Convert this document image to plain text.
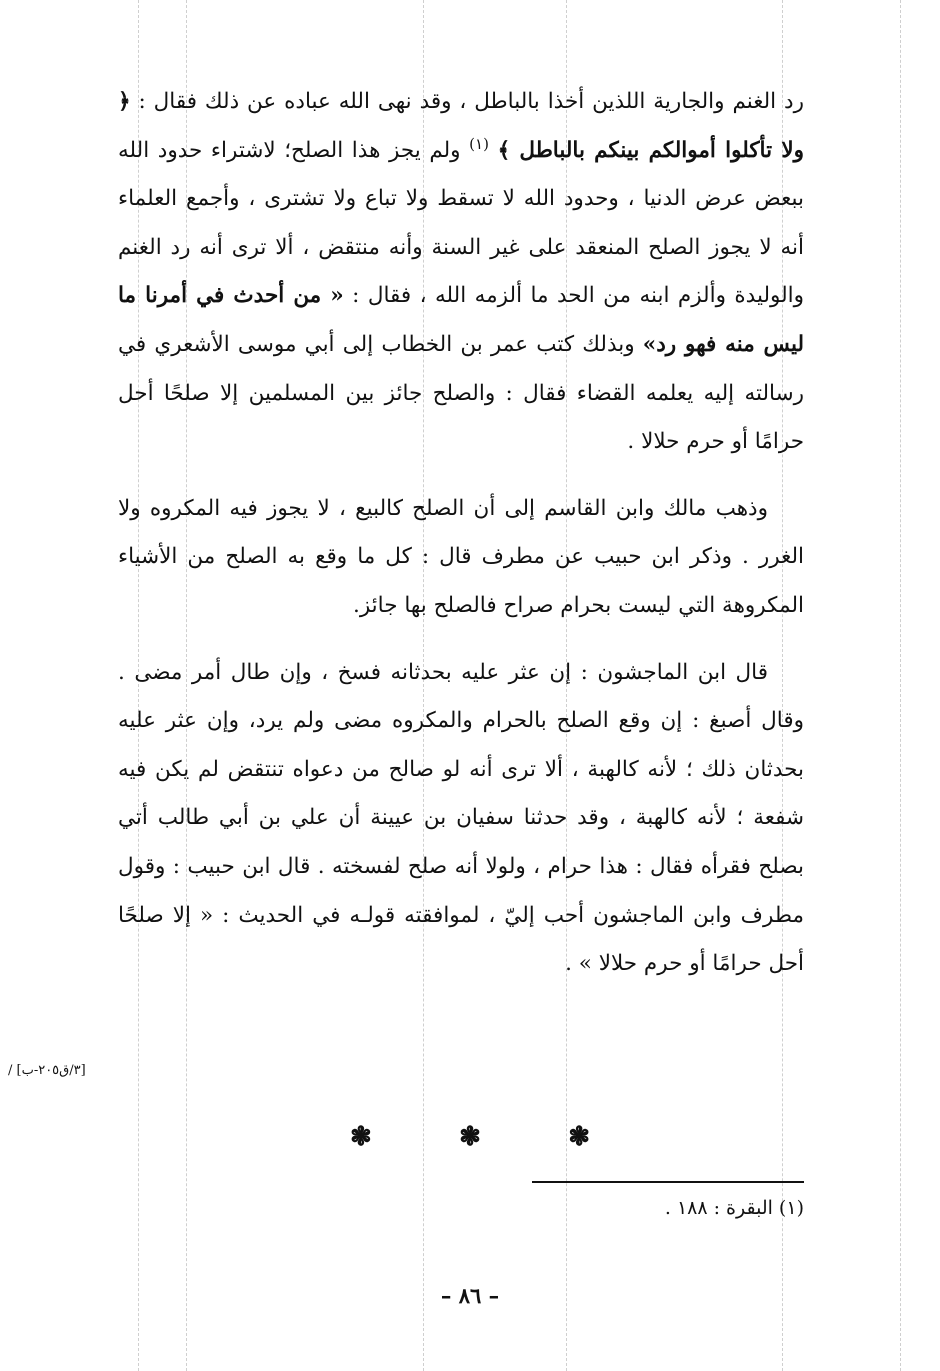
رد الغنم والجارية اللذين أخذا بالباطل ، وقد نهى الله عباده عن ذلك فقال : ﴿ ولا تأكلوا أموالكم بينكم بالباطل ﴾ $^{(١)}$ ولم يجز هذا الصلح؛ لاشتراء حدود الله ببعض عرض الدنيا ، وحدود الله لا تسقط ولا تباع ولا تشترى ، وأجمع العلماء أنه لا يجوز الصلح المنعقد على غير السنة وأنه منتقض ، ألا ترى أنه رد الغنم والوليدة وألزم ابنه من الحد ما ألزمه الله ، فقال : « من أحدث في أمرنا ما ليس منه فهو رد» وبذلك كتب عمر بن الخطاب إلى أبي موسى الأشعري في رسالته إليه يعلمه القضاء فقال : والصلح جائز بين المسلمين إلا صلحًا أحل حرامًا أو حرم حلالا .

وذهب مالك وابن القاسم إلى أن الصلح كالبيع ، لا يجوز فيه المكروه ولا الغرر . وذكر ابن حبيب عن مطرف قال : كل ما وقع به الصلح من الأشياء المكروهة التي ليست بحرام صراح فالصلح بها جائز.

قال ابن الماجشون : إن عثر عليه بحدثانه فسخ ، وإن طال أمر مضى . وقال أصبغ : إن وقع الصلح بالحرام والمكروه مضى ولم يرد، وإن عثر عليه بحدثان ذلك ؛ لأنه كالهبة ، ألا ترى أنه لو صالح من دعواه تنتقض لم يكن فيه شفعة ؛ لأنه كالهبة ، وقد حدثنا سفيان بن عيينة أن علي بن أبي طالب أتي بصلح فقرأه فقال : هذا حرام ، ولولا أنه صلح لفسخته . قال ابن حبيب : وقول مطرف وابن الماجشون أحب إليّ ، لموافقته قولـه في الحديث : « إلا صلحًا أحل حرامًا أو حرم حلالا » .

[٣/ق٢٠٥-ب] /
❃	❃	❃
(١) البقرة : ١٨٨ .
– ٨٦ –
